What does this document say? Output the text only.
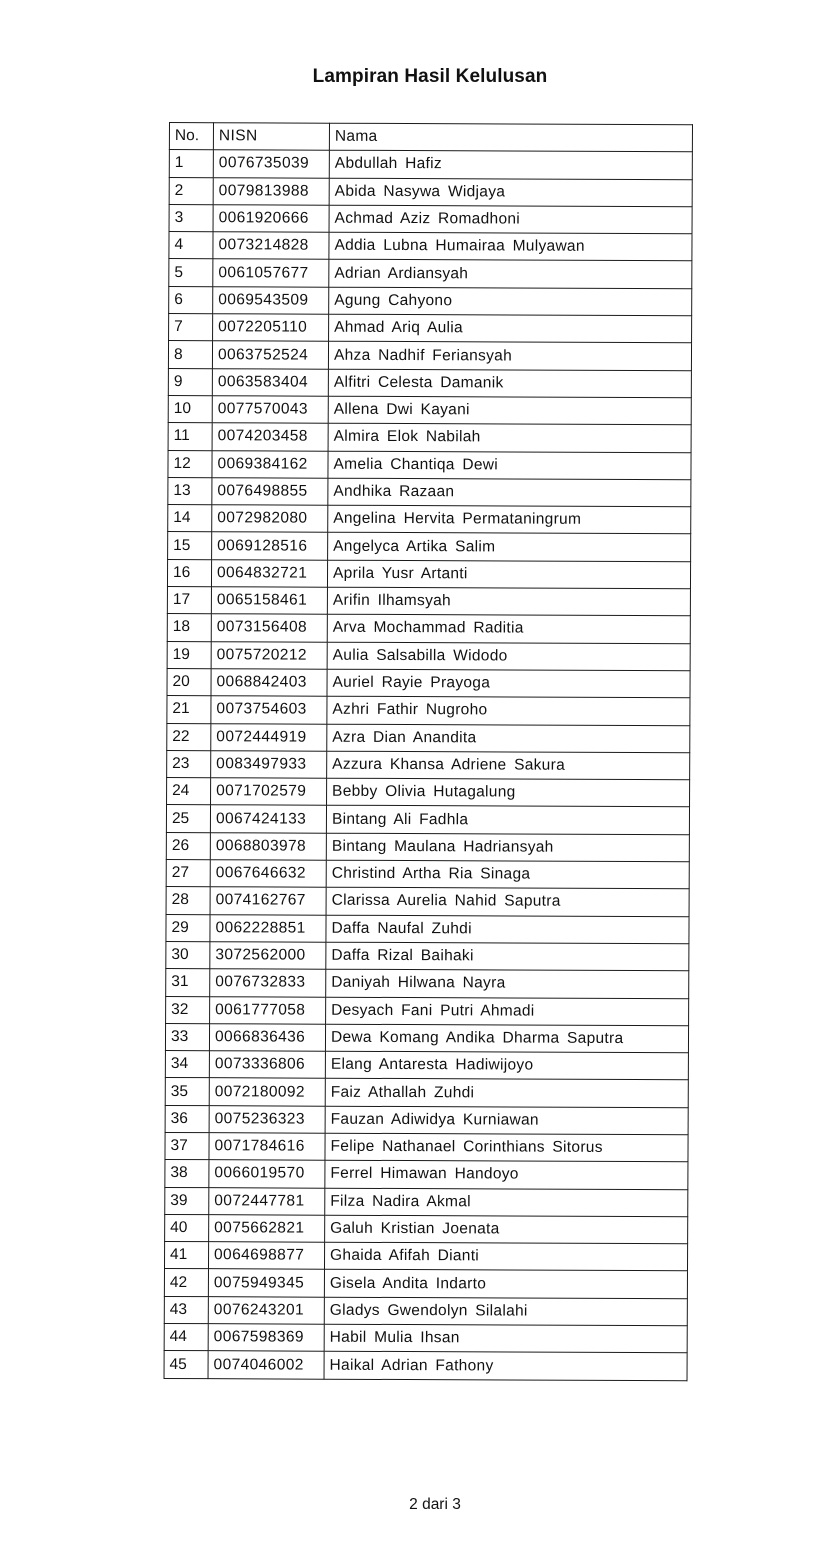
Lampiran Hasil Kelulusan
No.	NISN	Nama
1	0076735039	Abdullah Hafiz
2	0079813988	Abida Nasywa Widjaya
3	0061920666	Achmad Aziz Romadhoni
4	0073214828	Addia Lubna Humairaa Mulyawan
5	0061057677	Adrian Ardiansyah
6	0069543509	Agung Cahyono
7	0072205110	Ahmad Ariq Aulia
8	0063752524	Ahza Nadhif Feriansyah
9	0063583404	Alfitri Celesta Damanik
10	0077570043	Allena Dwi Kayani
11	0074203458	Almira Elok Nabilah
12	0069384162	Amelia Chantiqa Dewi
13	0076498855	Andhika Razaan
14	0072982080	Angelina Hervita Permataningrum
15	0069128516	Angelyca Artika Salim
16	0064832721	Aprila Yusr Artanti
17	0065158461	Arifin Ilhamsyah
18	0073156408	Arva Mochammad Raditia
19	0075720212	Aulia Salsabilla Widodo
20	0068842403	Auriel Rayie Prayoga
21	0073754603	Azhri Fathir Nugroho
22	0072444919	Azra Dian Anandita
23	0083497933	Azzura Khansa Adriene Sakura
24	0071702579	Bebby Olivia Hutagalung
25	0067424133	Bintang Ali Fadhla
26	0068803978	Bintang Maulana Hadriansyah
27	0067646632	Christind Artha Ria Sinaga
28	0074162767	Clarissa Aurelia Nahid Saputra
29	0062228851	Daffa Naufal Zuhdi
30	3072562000	Daffa Rizal Baihaki
31	0076732833	Daniyah Hilwana Nayra
32	0061777058	Desyach Fani Putri Ahmadi
33	0066836436	Dewa Komang Andika Dharma Saputra
34	0073336806	Elang Antaresta Hadiwijoyo
35	0072180092	Faiz Athallah Zuhdi
36	0075236323	Fauzan Adiwidya Kurniawan
37	0071784616	Felipe Nathanael Corinthians Sitorus
38	0066019570	Ferrel Himawan Handoyo
39	0072447781	Filza Nadira Akmal
40	0075662821	Galuh Kristian Joenata
41	0064698877	Ghaida Afifah Dianti
42	0075949345	Gisela Andita Indarto
43	0076243201	Gladys Gwendolyn Silalahi
44	0067598369	Habil Mulia Ihsan
45	0074046002	Haikal Adrian Fathony
2 dari 3
